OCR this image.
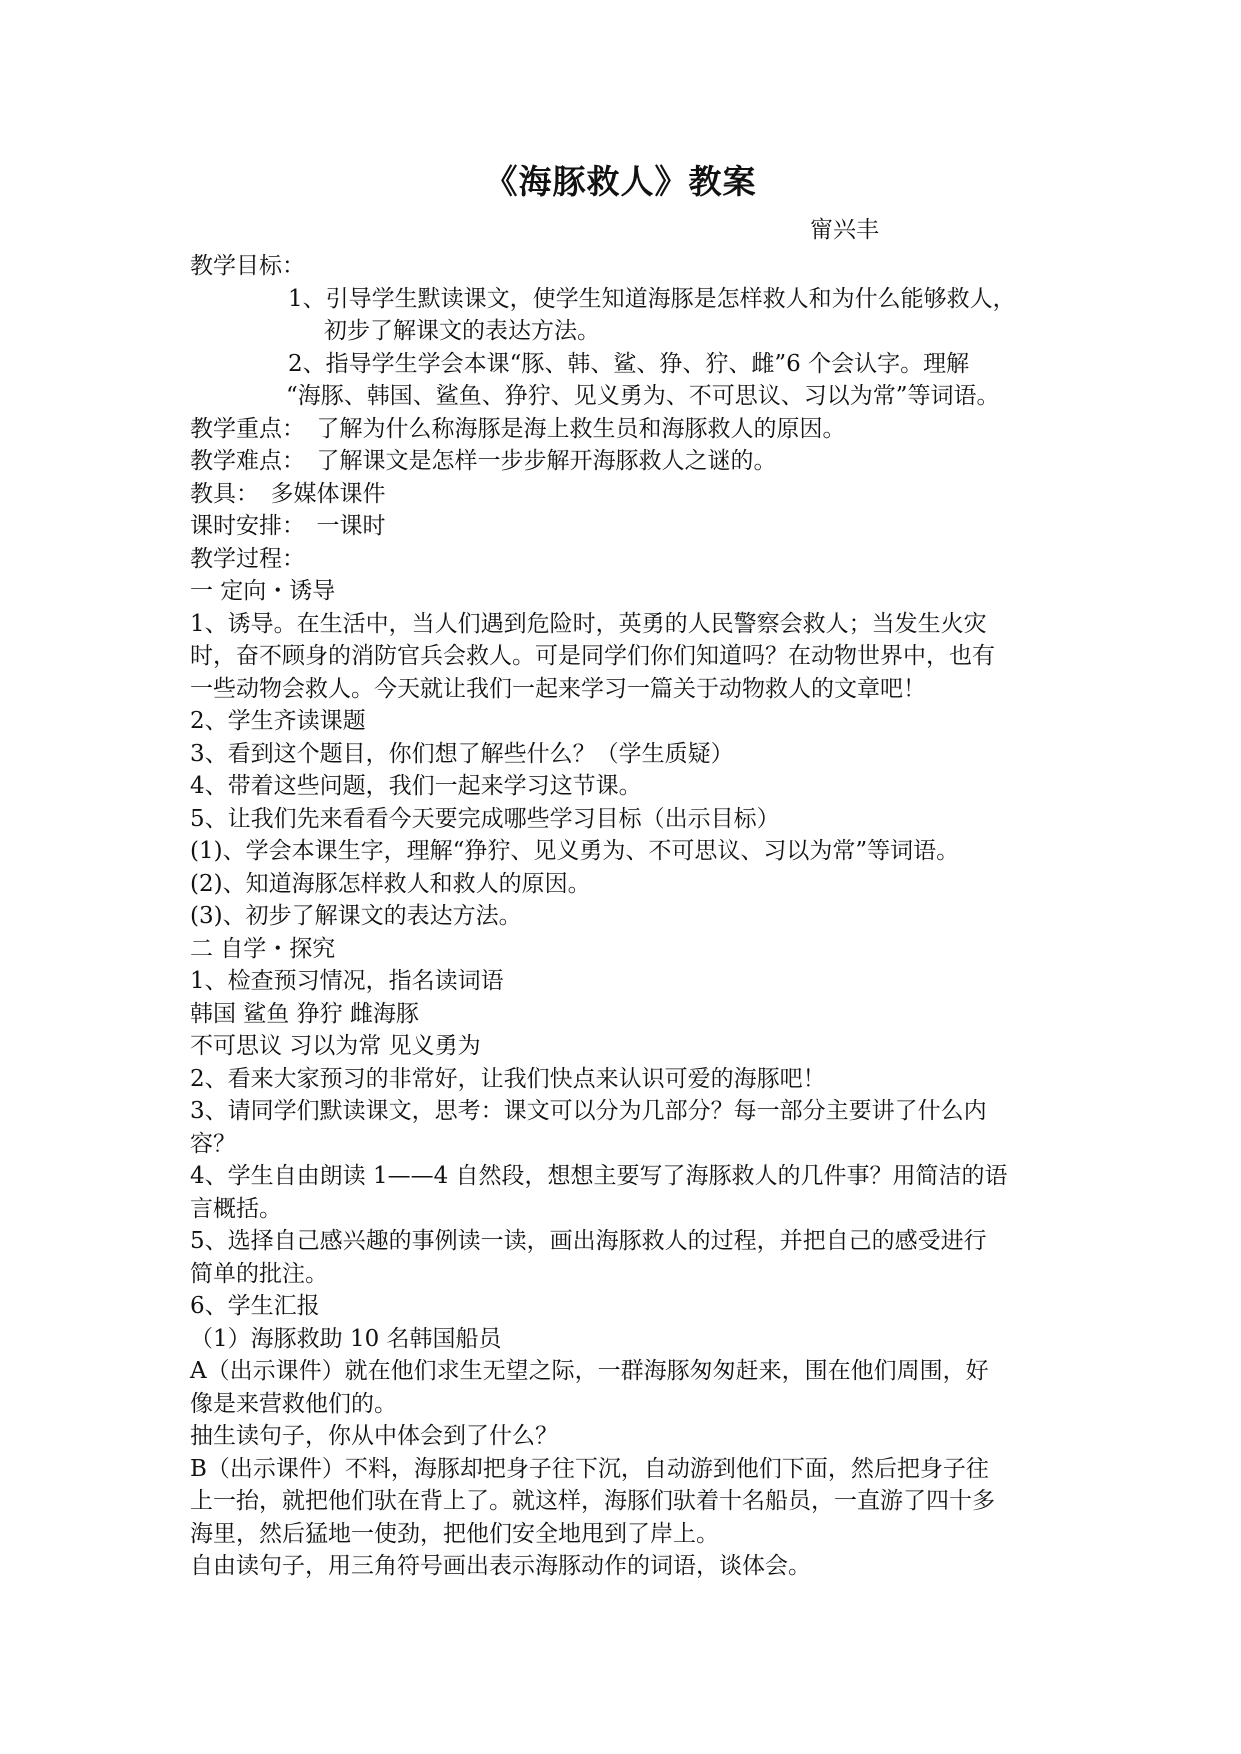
《海豚救人》教案
甯兴丰
教学目标：
1、引导学生默读课文，使学生知道海豚是怎样救人和为什么能够救人，
初步了解课文的表达方法。
2、指导学生学会本课“豚、韩、鲨、狰、狞、雌”6 个会认字。理解
“海豚、韩国、鲨鱼、狰狞、见义勇为、不可思议、习以为常”等词语。
教学重点：　了解为什么称海豚是海上救生员和海豚救人的原因。
教学难点：　了解课文是怎样一步步解开海豚救人之谜的。
教具：　多媒体课件
课时安排：　一课时
教学过程：
一 定向・诱导
1、诱导。在生活中，当人们遇到危险时，英勇的人民警察会救人；当发生火灾
时，奋不顾身的消防官兵会救人。可是同学们你们知道吗？在动物世界中，也有
一些动物会救人。今天就让我们一起来学习一篇关于动物救人的文章吧！
2、学生齐读课题
3、看到这个题目，你们想了解些什么？（学生质疑）
4、带着这些问题，我们一起来学习这节课。
5、让我们先来看看今天要完成哪些学习目标（出示目标）
(1)、学会本课生字，理解“狰狞、见义勇为、不可思议、习以为常”等词语。
(2)、知道海豚怎样救人和救人的原因。
(3)、初步了解课文的表达方法。
二 自学・探究
1、检查预习情况，指名读词语
韩国 鲨鱼 狰狞 雌海豚
不可思议 习以为常 见义勇为
2、看来大家预习的非常好，让我们快点来认识可爱的海豚吧！
3、请同学们默读课文，思考：课文可以分为几部分？每一部分主要讲了什么内
容？
4、学生自由朗读 1——4 自然段，想想主要写了海豚救人的几件事？用简洁的语
言概括。
5、选择自己感兴趣的事例读一读，画出海豚救人的过程，并把自己的感受进行
简单的批注。
6、学生汇报
（1）海豚救助 10 名韩国船员
A（出示课件）就在他们求生无望之际，一群海豚匆匆赶来，围在他们周围，好
像是来营救他们的。
抽生读句子，你从中体会到了什么？
B（出示课件）不料，海豚却把身子往下沉，自动游到他们下面，然后把身子往
上一抬，就把他们驮在背上了。就这样，海豚们驮着十名船员，一直游了四十多
海里，然后猛地一使劲，把他们安全地甩到了岸上。
自由读句子，用三角符号画出表示海豚动作的词语，谈体会。
